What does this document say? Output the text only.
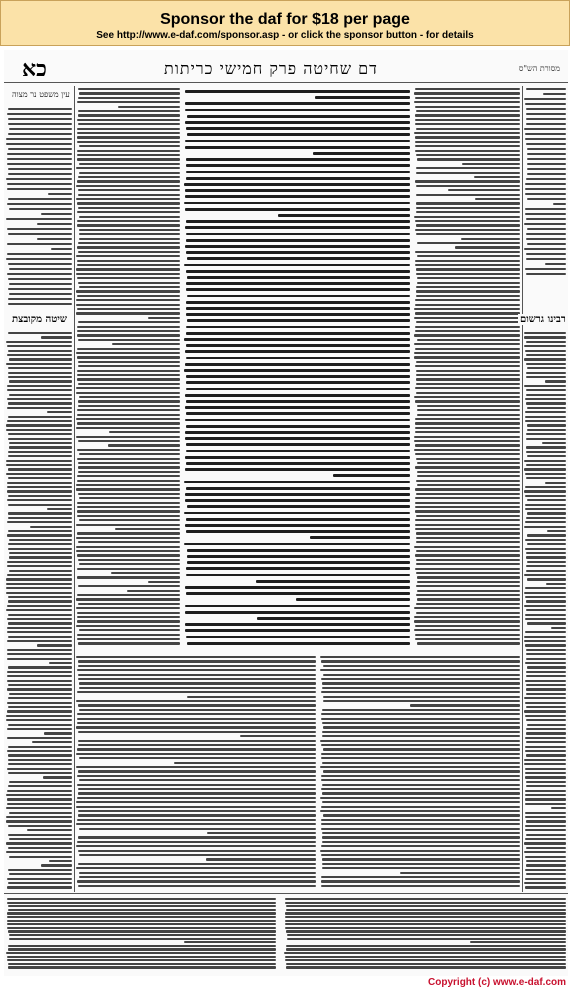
Sponsor the daf for $18 per page
See http://www.e-daf.com/sponsor.asp - or click the sponsor button - for details
כא	דם שחיטה פרק חמישי כריתות	מסורת הש"ס
עין משפט נר מצוה
שיטה מקובצת	רבינו גרשום
Copyright (c) www.e-daf.com
